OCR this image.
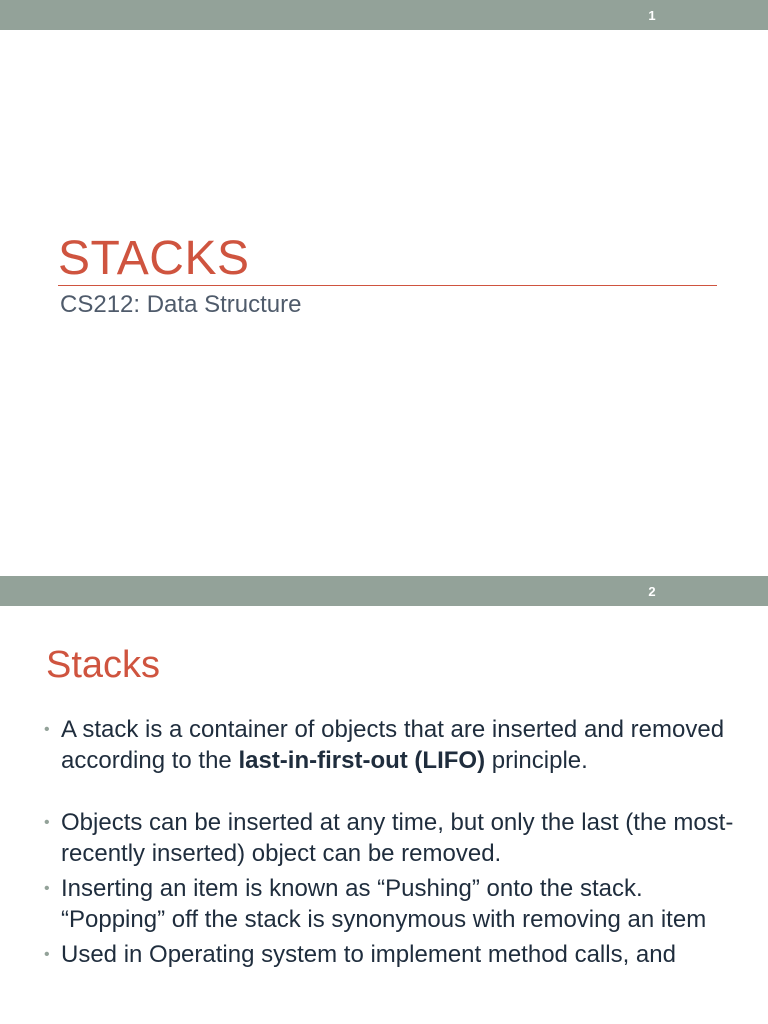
1
STACKS
CS212: Data Structure
2
Stacks
• A stack is a container of objects that are inserted and removed according to the last-in-first-out (LIFO) principle.
• Objects can be inserted at any time, but only the last (the most-recently inserted) object can be removed.
• Inserting an item is known as “Pushing” onto the stack. “Popping” off the stack is synonymous with removing an item
• Used in Operating system to implement method calls, and
